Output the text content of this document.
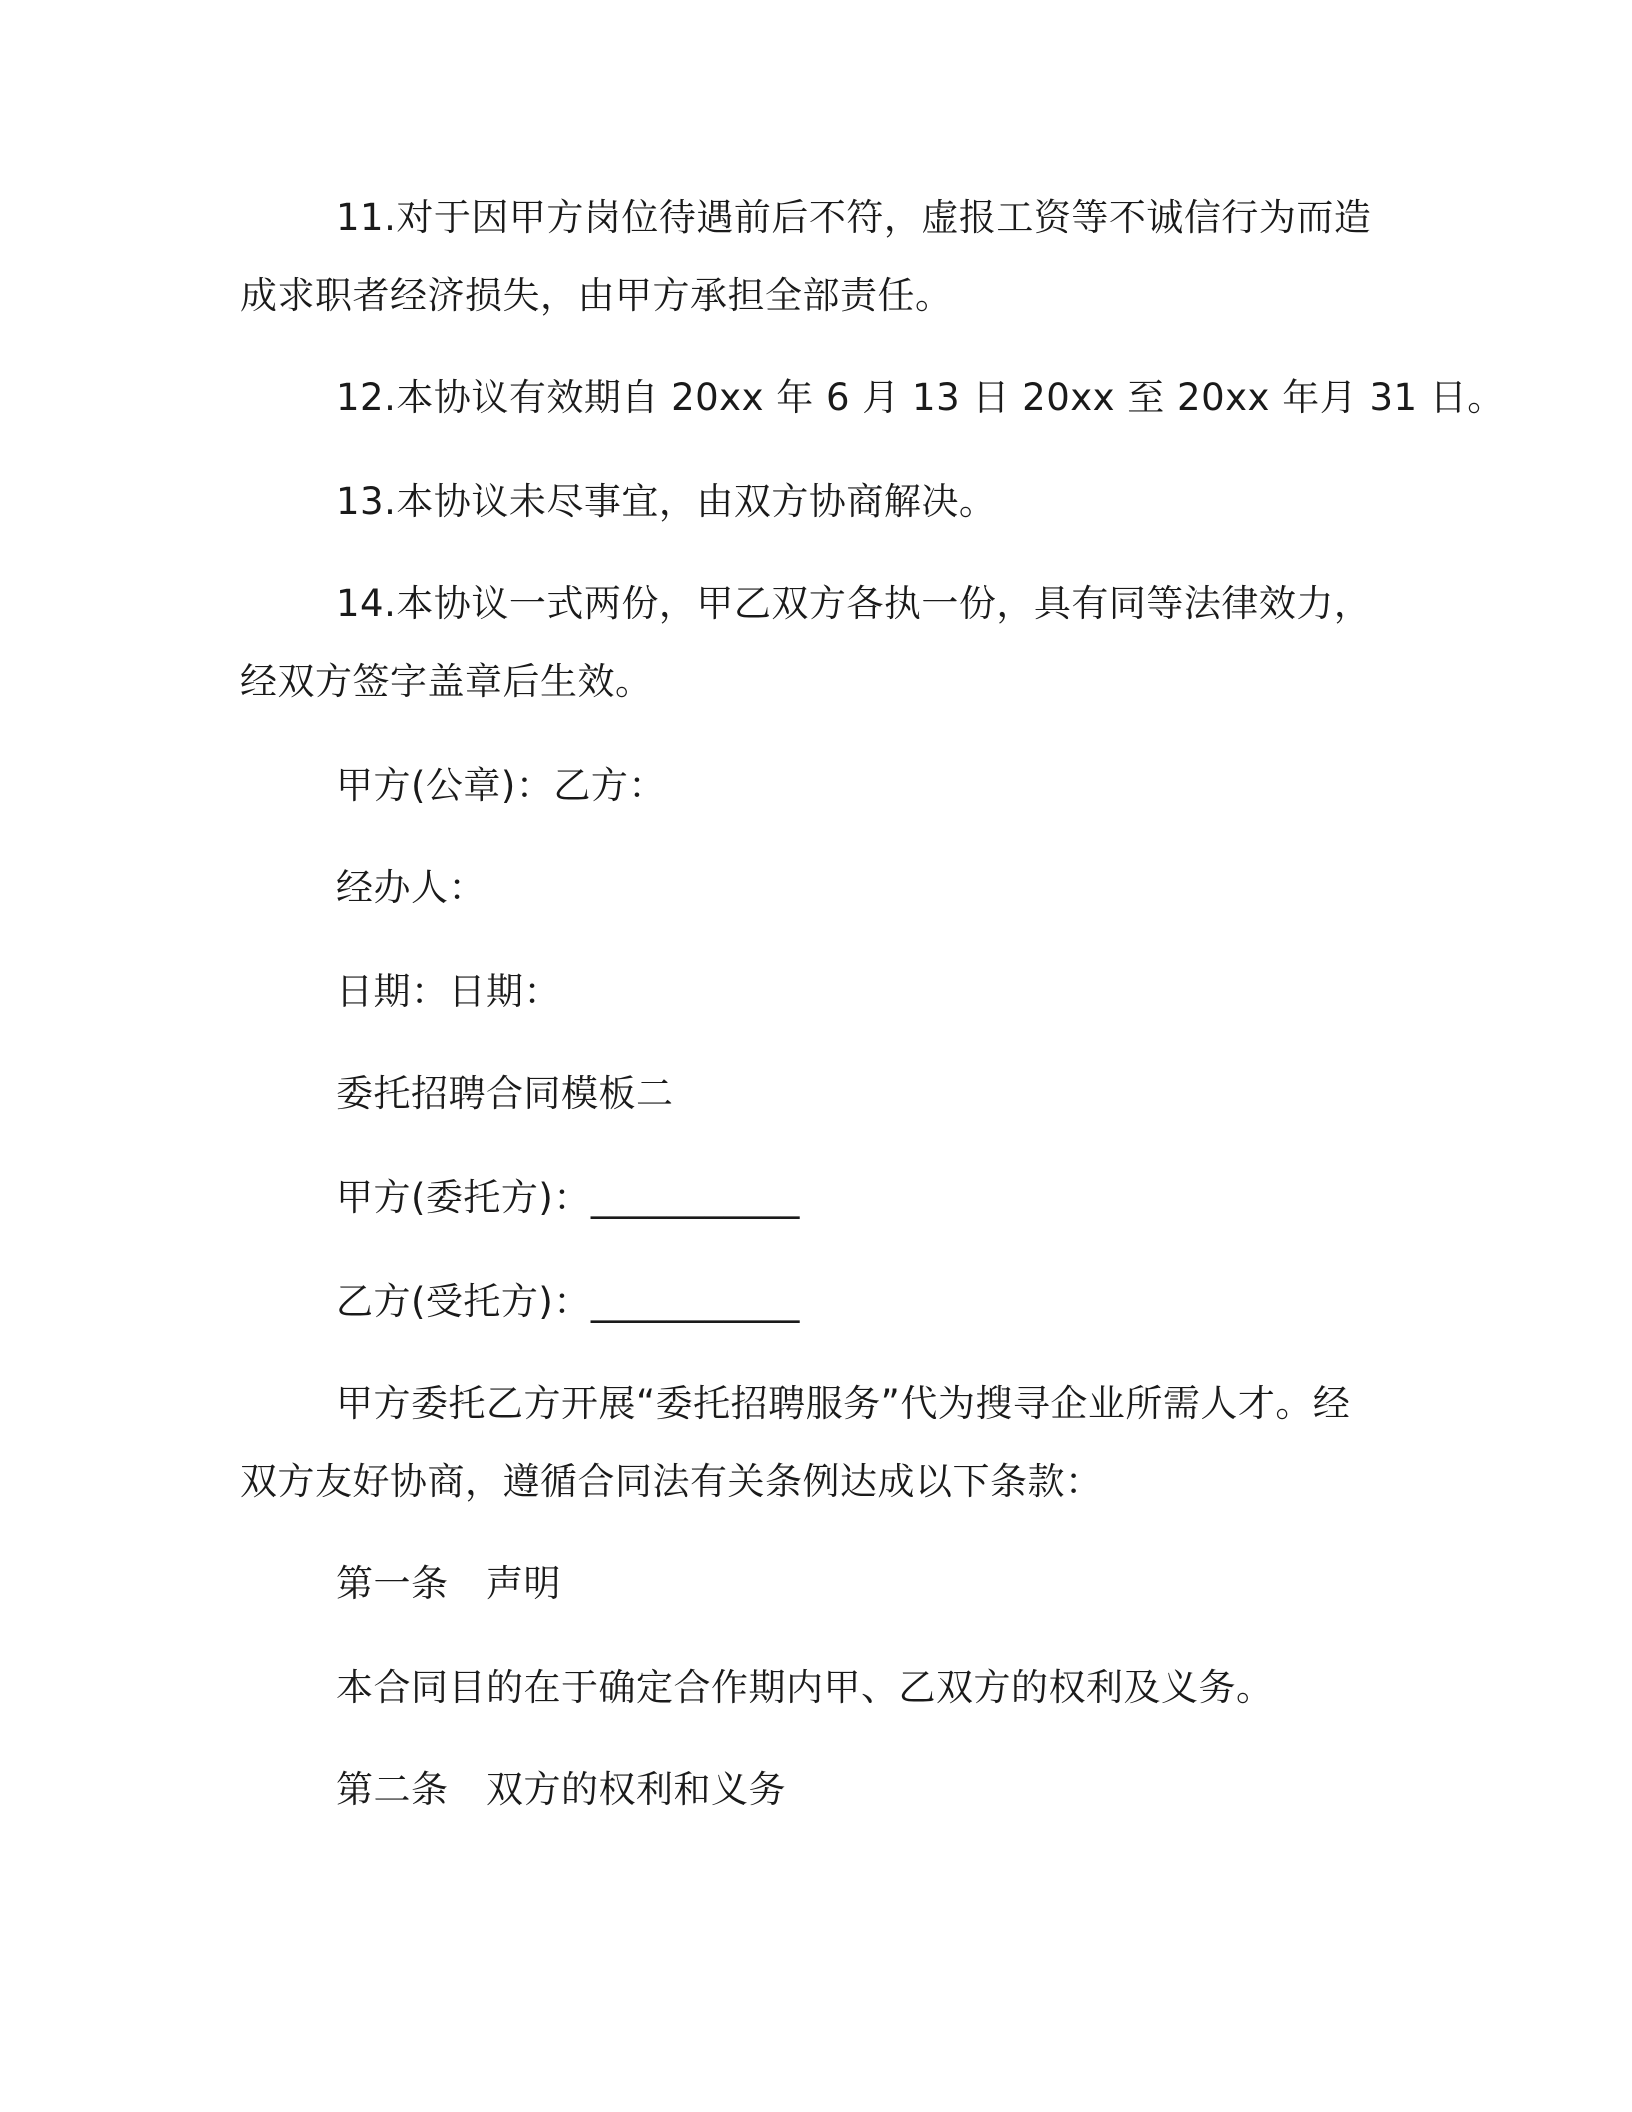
11.对于因甲方岗位待遇前后不符，虚报工资等不诚信行为而造
成求职者经济损失，由甲方承担全部责任。
12.本协议有效期自 20xx 年 6 月 13 日 20xx 至 20xx 年月 31 日。
13.本协议未尽事宜，由双方协商解决。
14.本协议一式两份，甲乙双方各执一份，具有同等法律效力，
经双方签字盖章后生效。
甲方(公章)：乙方：
经办人：
日期：日期：
委托招聘合同模板二
甲方(委托方)：___________
乙方(受托方)：___________
甲方委托乙方开展“委托招聘服务”代为搜寻企业所需人才。经
双方友好协商，遵循合同法有关条例达成以下条款：
第一条　声明
本合同目的在于确定合作期内甲、乙双方的权利及义务。
第二条　双方的权利和义务
